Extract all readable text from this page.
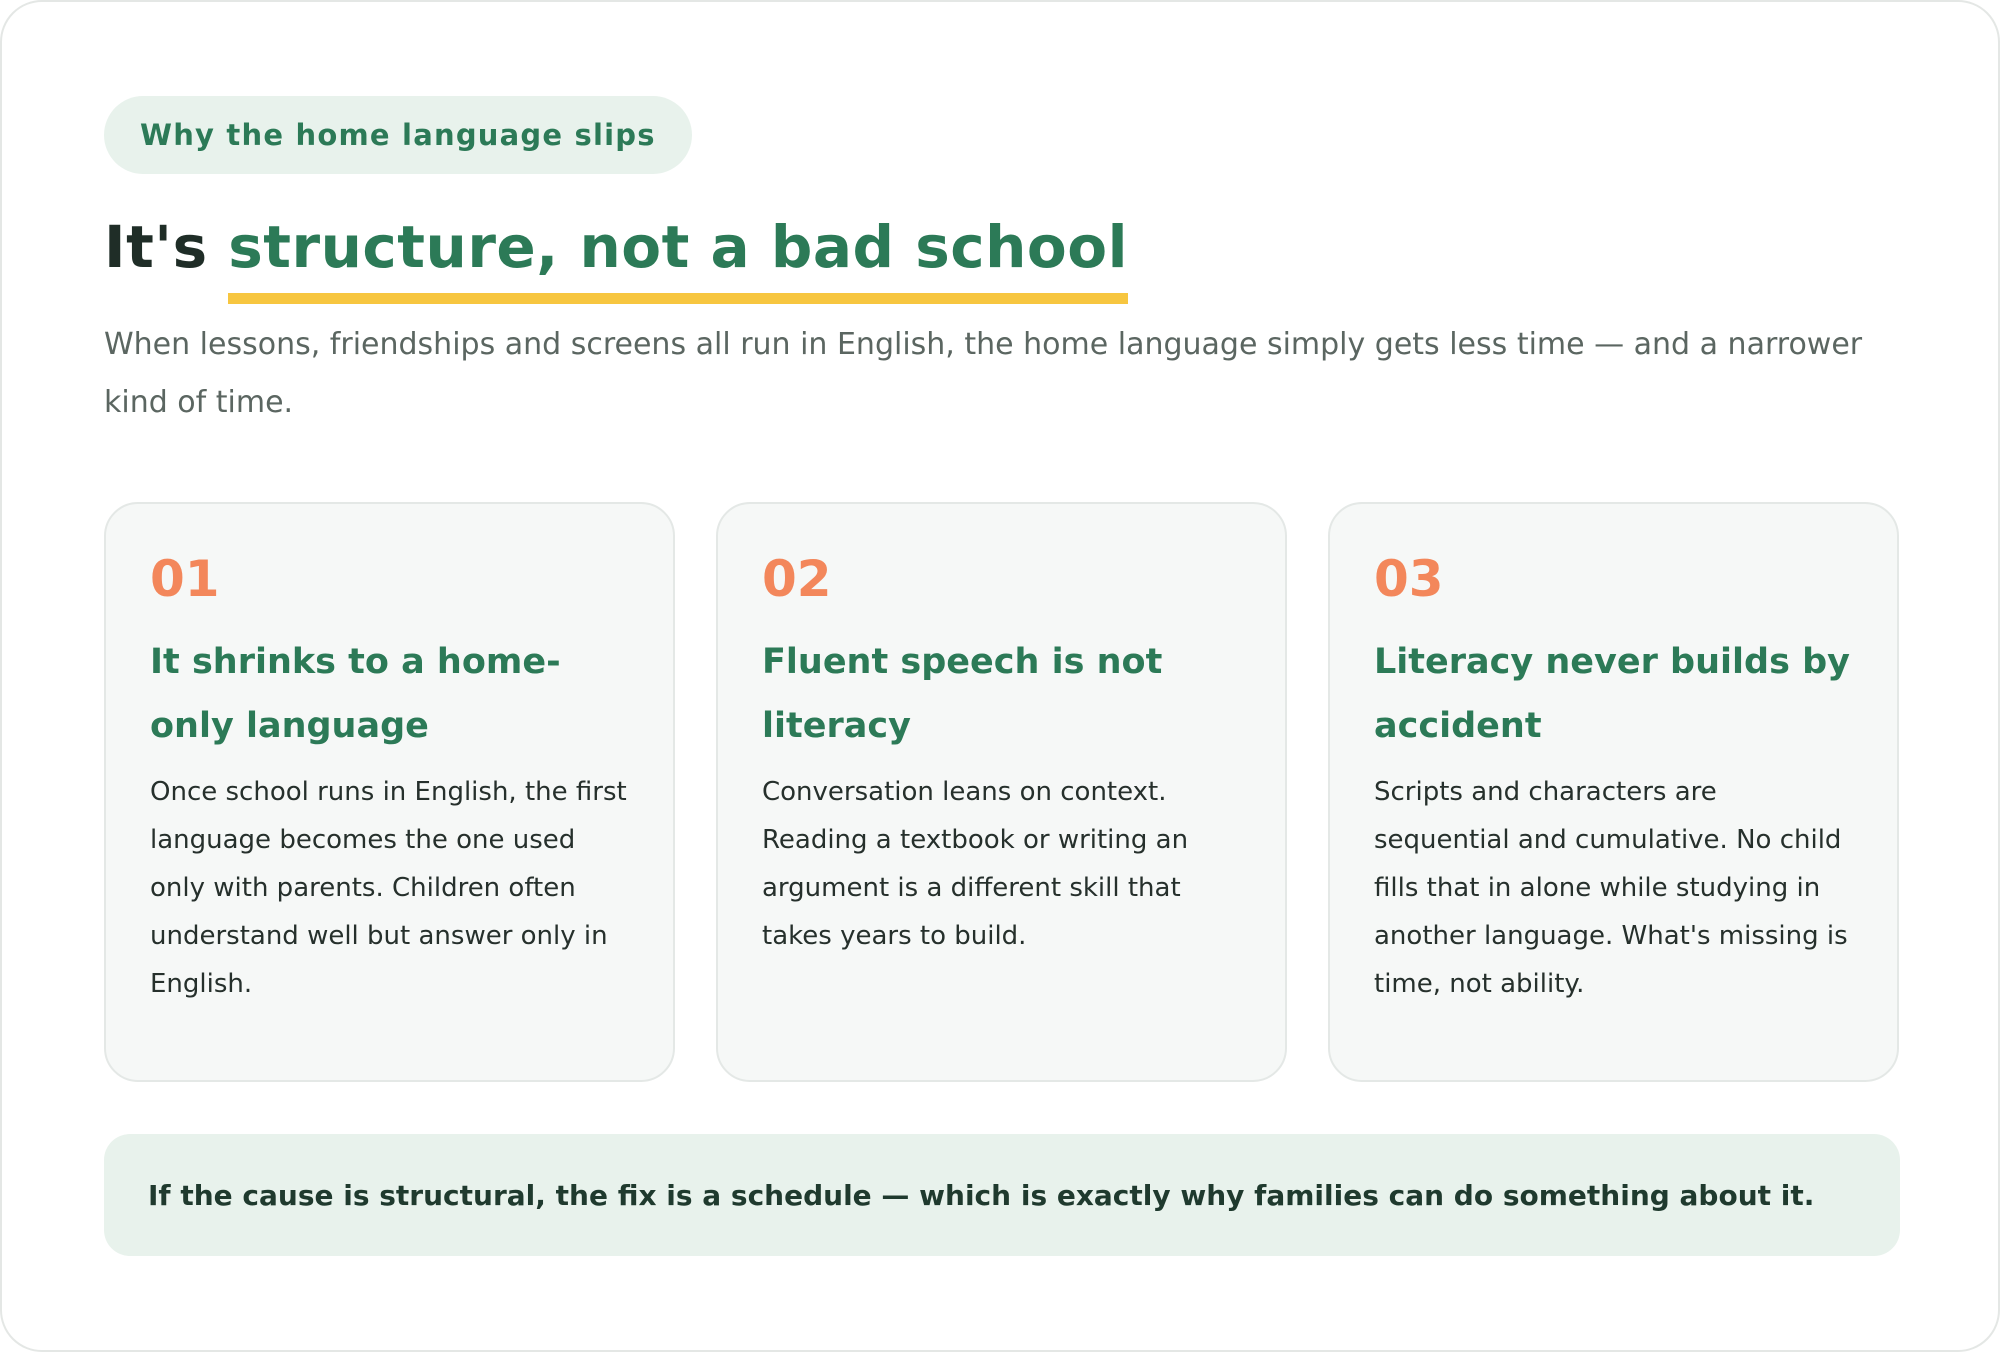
Why the home language slips
It's structure, not a bad school
When lessons, friendships and screens all run in English, the home language simply gets less time — and a narrower kind of time.
01
It shrinks to a home-only language
Once school runs in English, the first language becomes the one used only with parents. Children often understand well but answer only in English.
02
Fluent speech is not literacy
Conversation leans on context. Reading a textbook or writing an argument is a different skill that takes years to build.
03
Literacy never builds by accident
Scripts and characters are sequential and cumulative. No child fills that in alone while studying in another language. What's missing is time, not ability.
If the cause is structural, the fix is a schedule — which is exactly why families can do something about it.
